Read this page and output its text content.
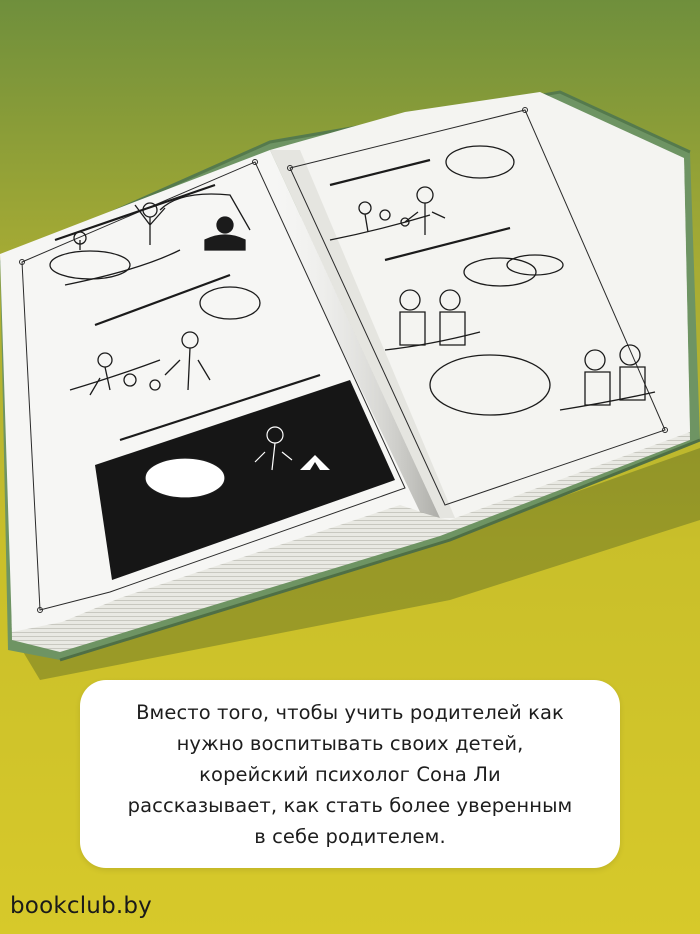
Вместо того, чтобы учить родителей как
нужно воспитывать своих детей,
корейский психолог Сона Ли
рассказывает, как стать более уверенным
в себе родителем.

bookclub.by
